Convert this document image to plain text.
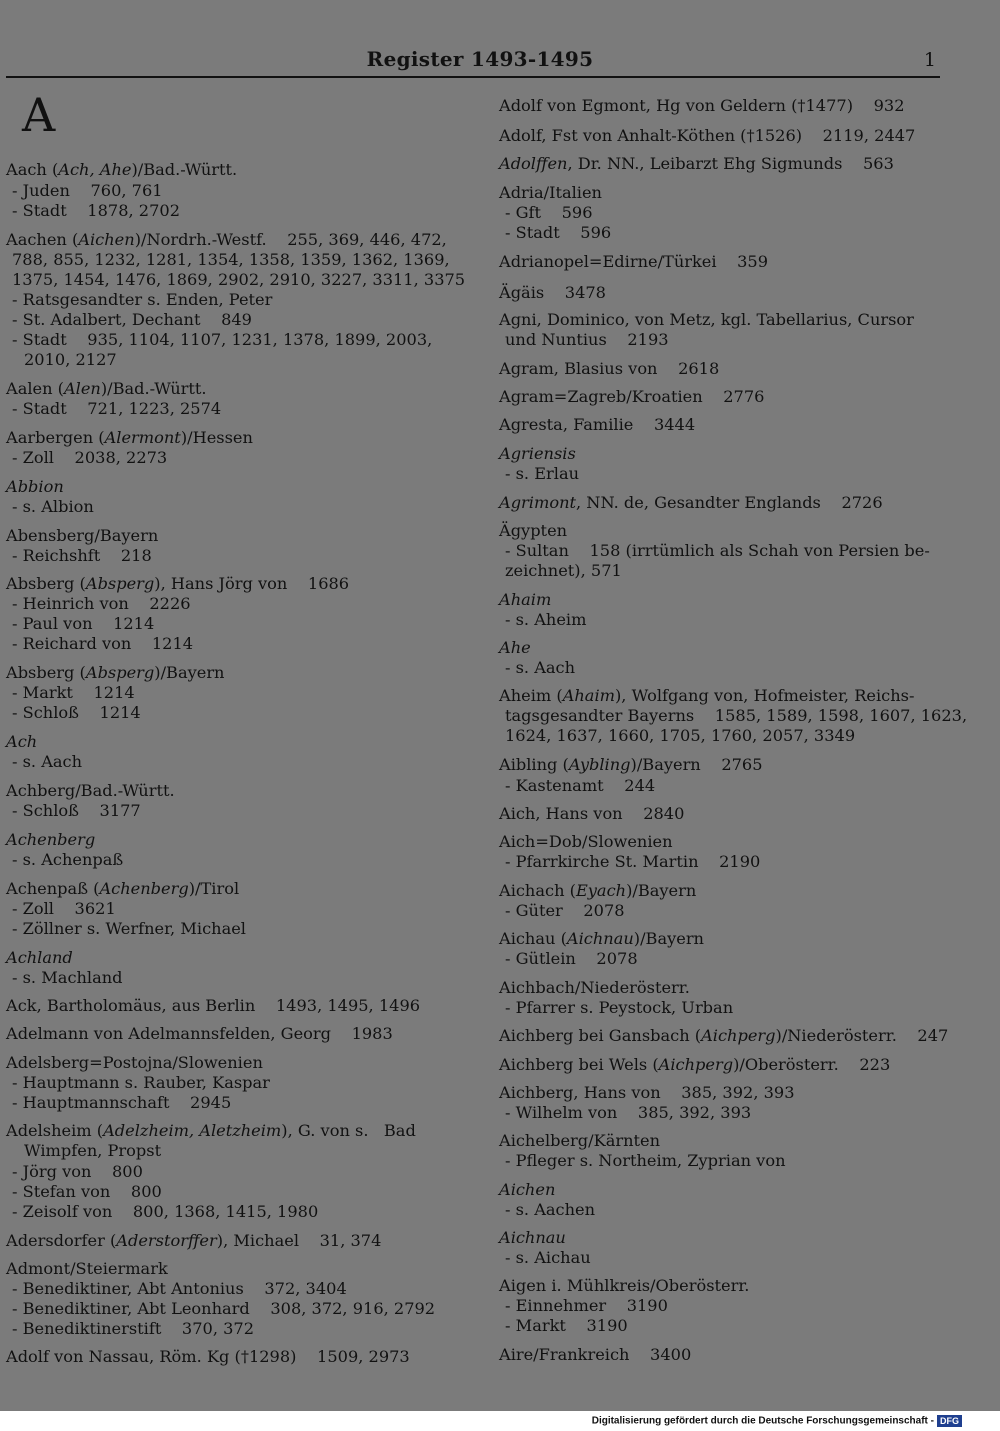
Register 1493-1495	1
A
Aach (Ach, Ahe)/Bad.-Württ.
- Juden    760, 761
- Stadt    1878, 2702
Aachen (Aichen)/Nordrh.-Westf.    255, 369, 446, 472,
788, 855, 1232, 1281, 1354, 1358, 1359, 1362, 1369,
1375, 1454, 1476, 1869, 2902, 2910, 3227, 3311, 3375
- Ratsgesandter s. Enden, Peter
- St. Adalbert, Dechant    849
- Stadt    935, 1104, 1107, 1231, 1378, 1899, 2003,
2010, 2127
Aalen (Alen)/Bad.-Württ.
- Stadt    721, 1223, 2574
Aarbergen (Alermont)/Hessen
- Zoll    2038, 2273
Abbion
- s. Albion
Abensberg/Bayern
- Reichshft    218
Absberg (Absperg), Hans Jörg von    1686
- Heinrich von    2226
- Paul von    1214
- Reichard von    1214
Absberg (Absperg)/Bayern
- Markt    1214
- Schloß    1214
Ach
- s. Aach
Achberg/Bad.-Württ.
- Schloß    3177
Achenberg
- s. Achenpaß
Achenpaß (Achenberg)/Tirol
- Zoll    3621
- Zöllner s. Werfner, Michael
Achland
- s. Machland
Ack, Bartholomäus, aus Berlin    1493, 1495, 1496
Adelmann von Adelmannsfelden, Georg    1983
Adelsberg=Postojna/Slowenien
- Hauptmann s. Rauber, Kaspar
- Hauptmannschaft    2945
Adelsheim (Adelzheim, Aletzheim), G. von s.   Bad
Wimpfen, Propst
- Jörg von    800
- Stefan von    800
- Zeisolf von    800, 1368, 1415, 1980
Adersdorfer (Aderstorffer), Michael    31, 374
Admont/Steiermark
- Benediktiner, Abt Antonius    372, 3404
- Benediktiner, Abt Leonhard    308, 372, 916, 2792
- Benediktinerstift    370, 372
Adolf von Nassau, Röm. Kg (†1298)    1509, 2973
Adolf von Egmont, Hg von Geldern (†1477)    932
Adolf, Fst von Anhalt-Köthen (†1526)    2119, 2447
Adolffen, Dr. NN., Leibarzt Ehg Sigmunds    563
Adria/Italien
- Gft    596
- Stadt    596
Adrianopel=Edirne/Türkei    359
Ägäis    3478
Agni, Dominico, von Metz, kgl. Tabellarius, Cursor
und Nuntius    2193
Agram, Blasius von    2618
Agram=Zagreb/Kroatien    2776
Agresta, Familie    3444
Agriensis
- s. Erlau
Agrimont, NN. de, Gesandter Englands    2726
Ägypten
- Sultan    158 (irrtümlich als Schah von Persien be-
zeichnet), 571
Ahaim
- s. Aheim
Ahe
- s. Aach
Aheim (Ahaim), Wolfgang von, Hofmeister, Reichs-
tagsgesandter Bayerns    1585, 1589, 1598, 1607, 1623,
1624, 1637, 1660, 1705, 1760, 2057, 3349
Aibling (Aybling)/Bayern    2765
- Kastenamt    244
Aich, Hans von    2840
Aich=Dob/Slowenien
- Pfarrkirche St. Martin    2190
Aichach (Eyach)/Bayern
- Güter    2078
Aichau (Aichnau)/Bayern
- Gütlein    2078
Aichbach/Niederösterr.
- Pfarrer s. Peystock, Urban
Aichberg bei Gansbach (Aichperg)/Niederösterr.    247
Aichberg bei Wels (Aichperg)/Oberösterr.    223
Aichberg, Hans von    385, 392, 393
- Wilhelm von    385, 392, 393
Aichelberg/Kärnten
- Pfleger s. Northeim, Zyprian von
Aichen
- s. Aachen
Aichnau
- s. Aichau
Aigen i. Mühlkreis/Oberösterr.
- Einnehmer    3190
- Markt    3190
Aire/Frankreich    3400
Digitalisierung gefördert durch die Deutsche Forschungsgemeinschaft - DFG
